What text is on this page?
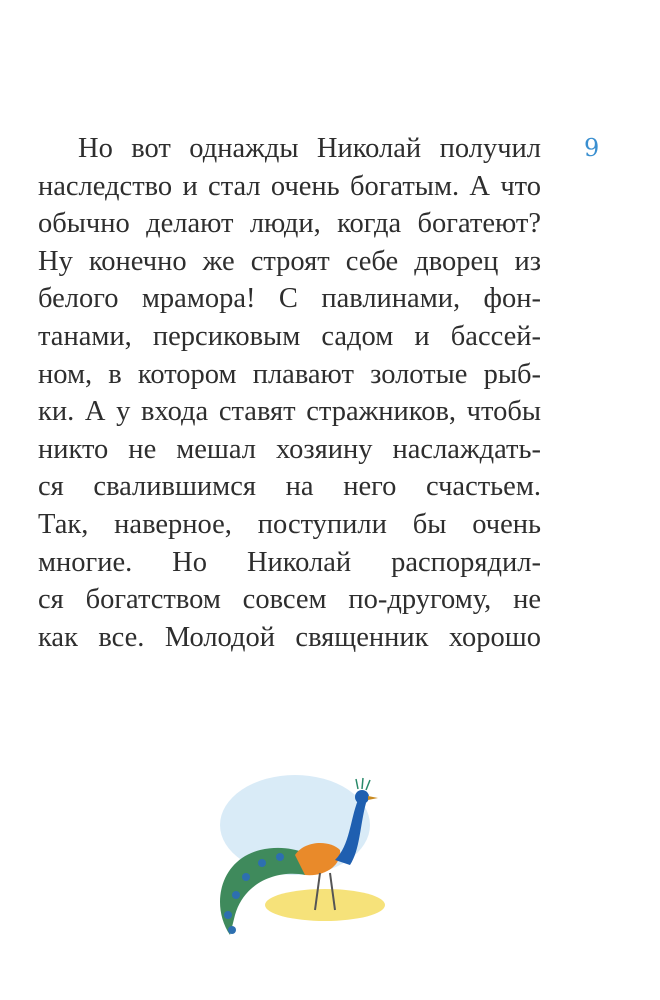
9
Но вот однажды Николай получил
наследство и стал очень богатым. А что
обычно делают люди, когда богатеют?
Ну конечно же строят себе дворец из
белого мрамора! С павлинами, фон-
танами, персиковым садом и бассей-
ном, в котором плавают золотые рыб-
ки. А у входа ставят стражников, чтобы
никто не мешал хозяину наслаждать-
ся свалившимся на него счастьем.
Так, наверное, поступили бы очень
многие. Но Николай распорядил-
ся богатством совсем по-другому, не
как все. Молодой священник хорошо
